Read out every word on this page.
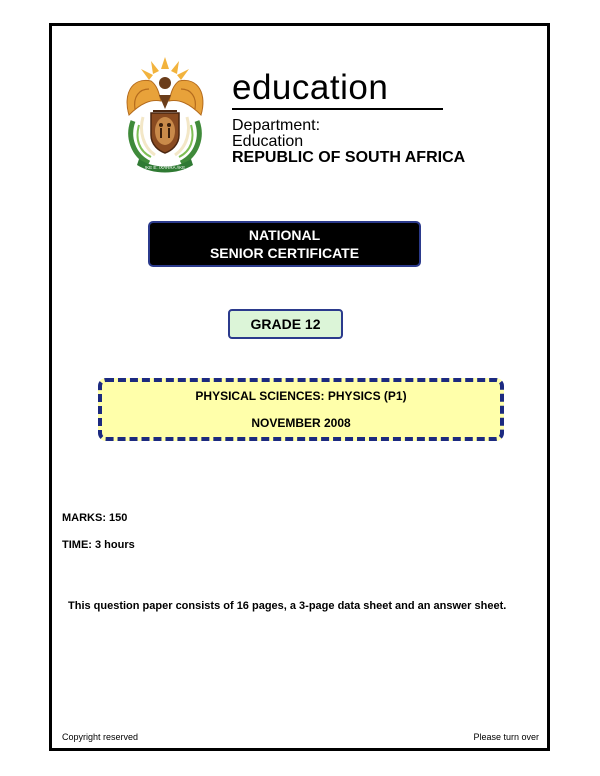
!KE E: /XARRA //KE
education
Department:
Education
REPUBLIC OF SOUTH AFRICA
NATIONAL
SENIOR CERTIFICATE
GRADE 12
PHYSICAL SCIENCES: PHYSICS (P1)
NOVEMBER 2008
MARKS: 150
TIME: 3 hours
This question paper consists of 16 pages, a 3-page data sheet and an answer sheet.
Copyright reserved	Please turn over
